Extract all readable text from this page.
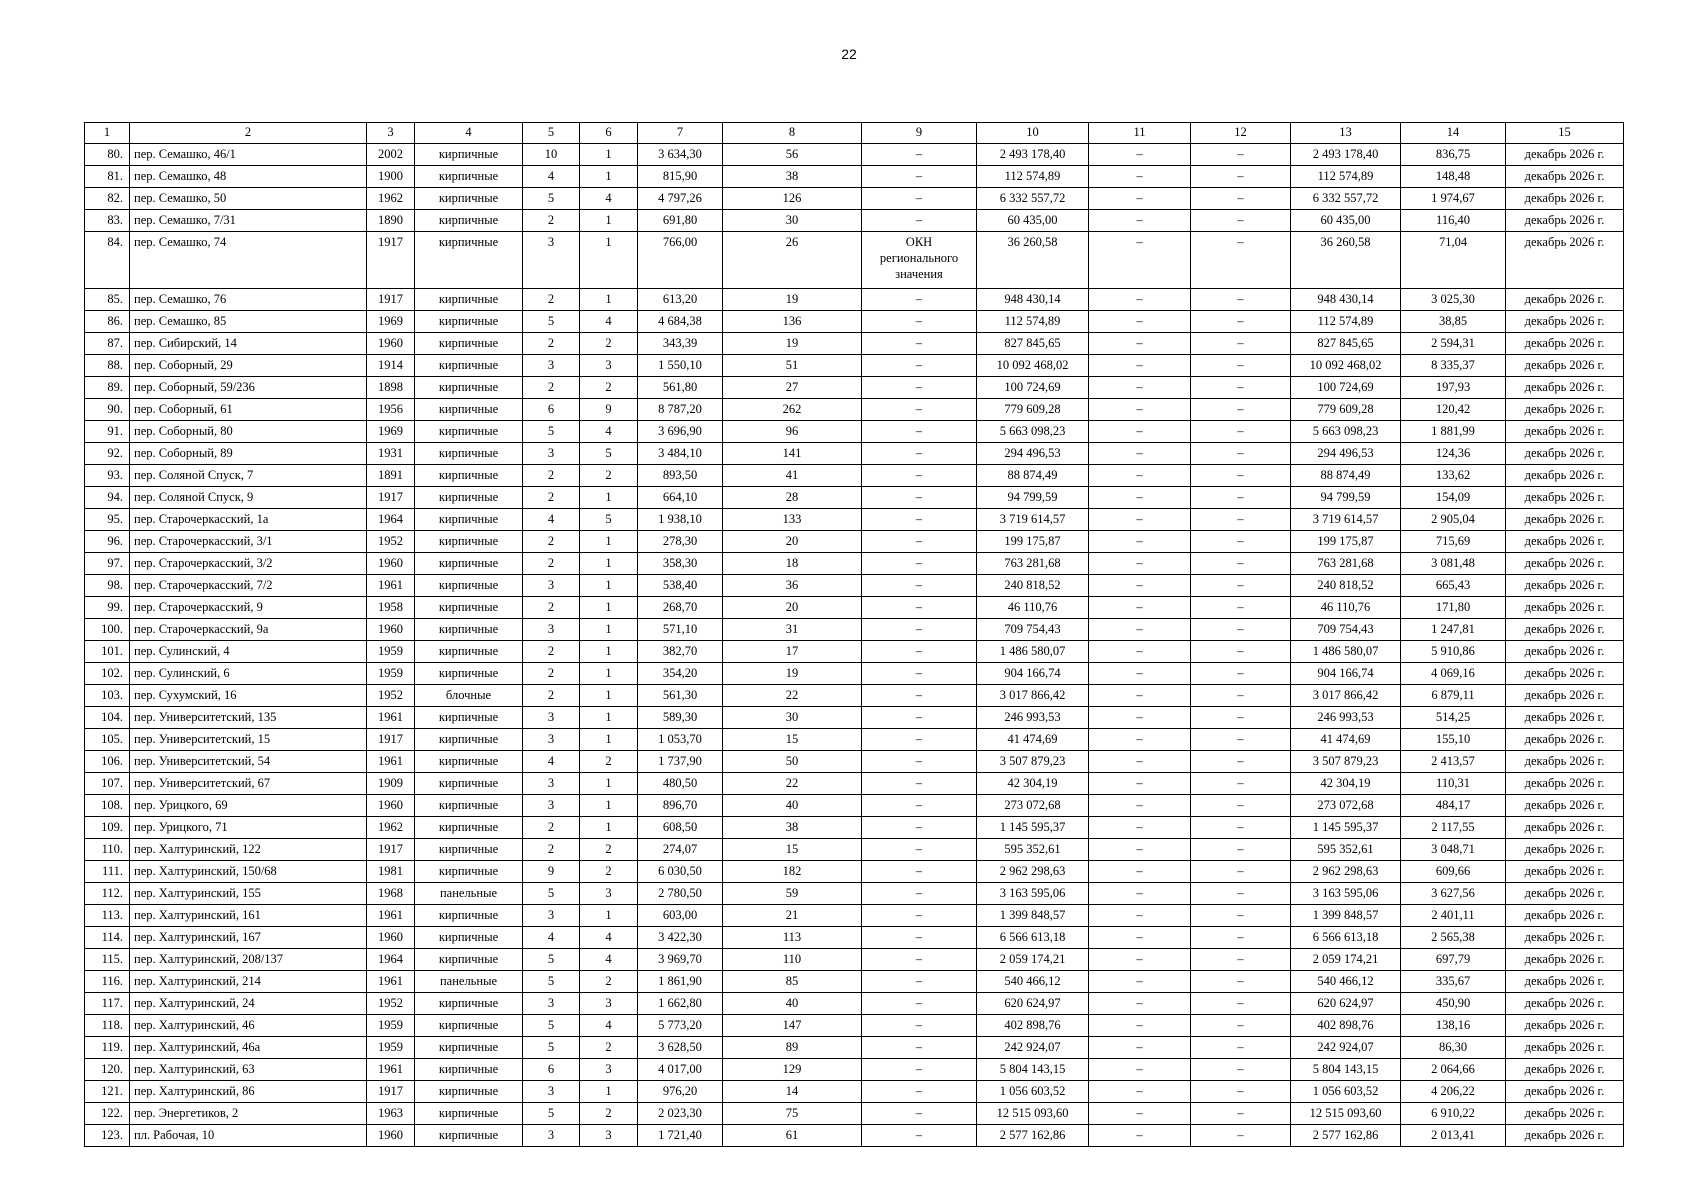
22
1	2	3	4	5	6	7	8	9	10	11	12	13	14	15
80.	пер. Семашко, 46/1	2002	кирпичные	10	1	3 634,30	56	–	2 493 178,40	–	–	2 493 178,40	836,75	декабрь 2026 г.
81.	пер. Семашко, 48	1900	кирпичные	4	1	815,90	38	–	112 574,89	–	–	112 574,89	148,48	декабрь 2026 г.
82.	пер. Семашко, 50	1962	кирпичные	5	4	4 797,26	126	–	6 332 557,72	–	–	6 332 557,72	1 974,67	декабрь 2026 г.
83.	пер. Семашко, 7/31	1890	кирпичные	2	1	691,80	30	–	60 435,00	–	–	60 435,00	116,40	декабрь 2026 г.
84.	пер. Семашко, 74	1917	кирпичные	3	1	766,00	26	ОКН регионального значения	36 260,58	–	–	36 260,58	71,04	декабрь 2026 г.
85.	пер. Семашко, 76	1917	кирпичные	2	1	613,20	19	–	948 430,14	–	–	948 430,14	3 025,30	декабрь 2026 г.
86.	пер. Семашко, 85	1969	кирпичные	5	4	4 684,38	136	–	112 574,89	–	–	112 574,89	38,85	декабрь 2026 г.
87.	пер. Сибирский, 14	1960	кирпичные	2	2	343,39	19	–	827 845,65	–	–	827 845,65	2 594,31	декабрь 2026 г.
88.	пер. Соборный, 29	1914	кирпичные	3	3	1 550,10	51	–	10 092 468,02	–	–	10 092 468,02	8 335,37	декабрь 2026 г.
89.	пер. Соборный, 59/236	1898	кирпичные	2	2	561,80	27	–	100 724,69	–	–	100 724,69	197,93	декабрь 2026 г.
90.	пер. Соборный, 61	1956	кирпичные	6	9	8 787,20	262	–	779 609,28	–	–	779 609,28	120,42	декабрь 2026 г.
91.	пер. Соборный, 80	1969	кирпичные	5	4	3 696,90	96	–	5 663 098,23	–	–	5 663 098,23	1 881,99	декабрь 2026 г.
92.	пер. Соборный, 89	1931	кирпичные	3	5	3 484,10	141	–	294 496,53	–	–	294 496,53	124,36	декабрь 2026 г.
93.	пер. Соляной Спуск, 7	1891	кирпичные	2	2	893,50	41	–	88 874,49	–	–	88 874,49	133,62	декабрь 2026 г.
94.	пер. Соляной Спуск, 9	1917	кирпичные	2	1	664,10	28	–	94 799,59	–	–	94 799,59	154,09	декабрь 2026 г.
95.	пер. Старочеркасский, 1а	1964	кирпичные	4	5	1 938,10	133	–	3 719 614,57	–	–	3 719 614,57	2 905,04	декабрь 2026 г.
96.	пер. Старочеркасский, 3/1	1952	кирпичные	2	1	278,30	20	–	199 175,87	–	–	199 175,87	715,69	декабрь 2026 г.
97.	пер. Старочеркасский, 3/2	1960	кирпичные	2	1	358,30	18	–	763 281,68	–	–	763 281,68	3 081,48	декабрь 2026 г.
98.	пер. Старочеркасский, 7/2	1961	кирпичные	3	1	538,40	36	–	240 818,52	–	–	240 818,52	665,43	декабрь 2026 г.
99.	пер. Старочеркасский, 9	1958	кирпичные	2	1	268,70	20	–	46 110,76	–	–	46 110,76	171,80	декабрь 2026 г.
100.	пер. Старочеркасский, 9а	1960	кирпичные	3	1	571,10	31	–	709 754,43	–	–	709 754,43	1 247,81	декабрь 2026 г.
101.	пер. Сулинский, 4	1959	кирпичные	2	1	382,70	17	–	1 486 580,07	–	–	1 486 580,07	5 910,86	декабрь 2026 г.
102.	пер. Сулинский, 6	1959	кирпичные	2	1	354,20	19	–	904 166,74	–	–	904 166,74	4 069,16	декабрь 2026 г.
103.	пер. Сухумский, 16	1952	блочные	2	1	561,30	22	–	3 017 866,42	–	–	3 017 866,42	6 879,11	декабрь 2026 г.
104.	пер. Университетский, 135	1961	кирпичные	3	1	589,30	30	–	246 993,53	–	–	246 993,53	514,25	декабрь 2026 г.
105.	пер. Университетский, 15	1917	кирпичные	3	1	1 053,70	15	–	41 474,69	–	–	41 474,69	155,10	декабрь 2026 г.
106.	пер. Университетский, 54	1961	кирпичные	4	2	1 737,90	50	–	3 507 879,23	–	–	3 507 879,23	2 413,57	декабрь 2026 г.
107.	пер. Университетский, 67	1909	кирпичные	3	1	480,50	22	–	42 304,19	–	–	42 304,19	110,31	декабрь 2026 г.
108.	пер. Урицкого, 69	1960	кирпичные	3	1	896,70	40	–	273 072,68	–	–	273 072,68	484,17	декабрь 2026 г.
109.	пер. Урицкого, 71	1962	кирпичные	2	1	608,50	38	–	1 145 595,37	–	–	1 145 595,37	2 117,55	декабрь 2026 г.
110.	пер. Халтуринский, 122	1917	кирпичные	2	2	274,07	15	–	595 352,61	–	–	595 352,61	3 048,71	декабрь 2026 г.
111.	пер. Халтуринский, 150/68	1981	кирпичные	9	2	6 030,50	182	–	2 962 298,63	–	–	2 962 298,63	609,66	декабрь 2026 г.
112.	пер. Халтуринский, 155	1968	панельные	5	3	2 780,50	59	–	3 163 595,06	–	–	3 163 595,06	3 627,56	декабрь 2026 г.
113.	пер. Халтуринский, 161	1961	кирпичные	3	1	603,00	21	–	1 399 848,57	–	–	1 399 848,57	2 401,11	декабрь 2026 г.
114.	пер. Халтуринский, 167	1960	кирпичные	4	4	3 422,30	113	–	6 566 613,18	–	–	6 566 613,18	2 565,38	декабрь 2026 г.
115.	пер. Халтуринский, 208/137	1964	кирпичные	5	4	3 969,70	110	–	2 059 174,21	–	–	2 059 174,21	697,79	декабрь 2026 г.
116.	пер. Халтуринский, 214	1961	панельные	5	2	1 861,90	85	–	540 466,12	–	–	540 466,12	335,67	декабрь 2026 г.
117.	пер. Халтуринский, 24	1952	кирпичные	3	3	1 662,80	40	–	620 624,97	–	–	620 624,97	450,90	декабрь 2026 г.
118.	пер. Халтуринский, 46	1959	кирпичные	5	4	5 773,20	147	–	402 898,76	–	–	402 898,76	138,16	декабрь 2026 г.
119.	пер. Халтуринский, 46а	1959	кирпичные	5	2	3 628,50	89	–	242 924,07	–	–	242 924,07	86,30	декабрь 2026 г.
120.	пер. Халтуринский, 63	1961	кирпичные	6	3	4 017,00	129	–	5 804 143,15	–	–	5 804 143,15	2 064,66	декабрь 2026 г.
121.	пер. Халтуринский, 86	1917	кирпичные	3	1	976,20	14	–	1 056 603,52	–	–	1 056 603,52	4 206,22	декабрь 2026 г.
122.	пер. Энергетиков, 2	1963	кирпичные	5	2	2 023,30	75	–	12 515 093,60	–	–	12 515 093,60	6 910,22	декабрь 2026 г.
123.	пл. Рабочая, 10	1960	кирпичные	3	3	1 721,40	61	–	2 577 162,86	–	–	2 577 162,86	2 013,41	декабрь 2026 г.
